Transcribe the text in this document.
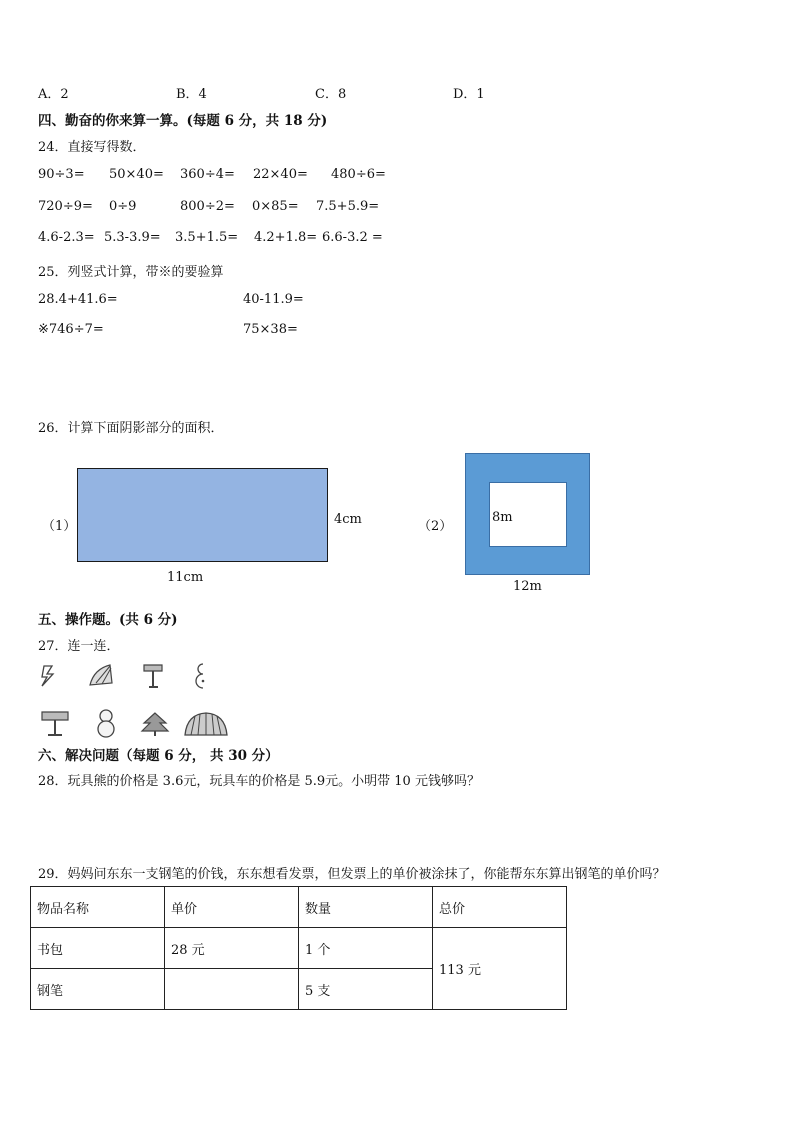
A．2	B．4	C．8	D．1
四、勤奋的你来算一算。(每题 6 分，共 18 分)
24．直接写得数．
90÷3= 50×40= 360÷4= 22×40= 480÷6=
720÷9= 0÷9	800÷2= 0×85= 7.5+5.9=
4.6-2.3= 5.3-3.9= 3.5+1.5= 4.2+1.8= 6.6-3.2 =
25．列竖式计算，带※的要验算
28.4+41.6=	40-11.9=
※746÷7=	75×38=
26．计算下面阴影部分的面积．
（1）	4cm
11cm
（2）
8m
12m
五、操作题。(共 6 分)
27．连一连．
六、解决问题（每题 6 分， 共 30 分）
28．玩具熊的价格是 3.6元，玩具车的价格是 5.9元。小明带 10 元钱够吗？
29．妈妈问东东一支钢笔的价钱，东东想看发票，但发票上的单价被涂抹了，你能帮东东算出钢笔的单价吗？
物品名称	单价	数量	总价
书包	28 元	1 个	113 元
钢笔		5 支	
